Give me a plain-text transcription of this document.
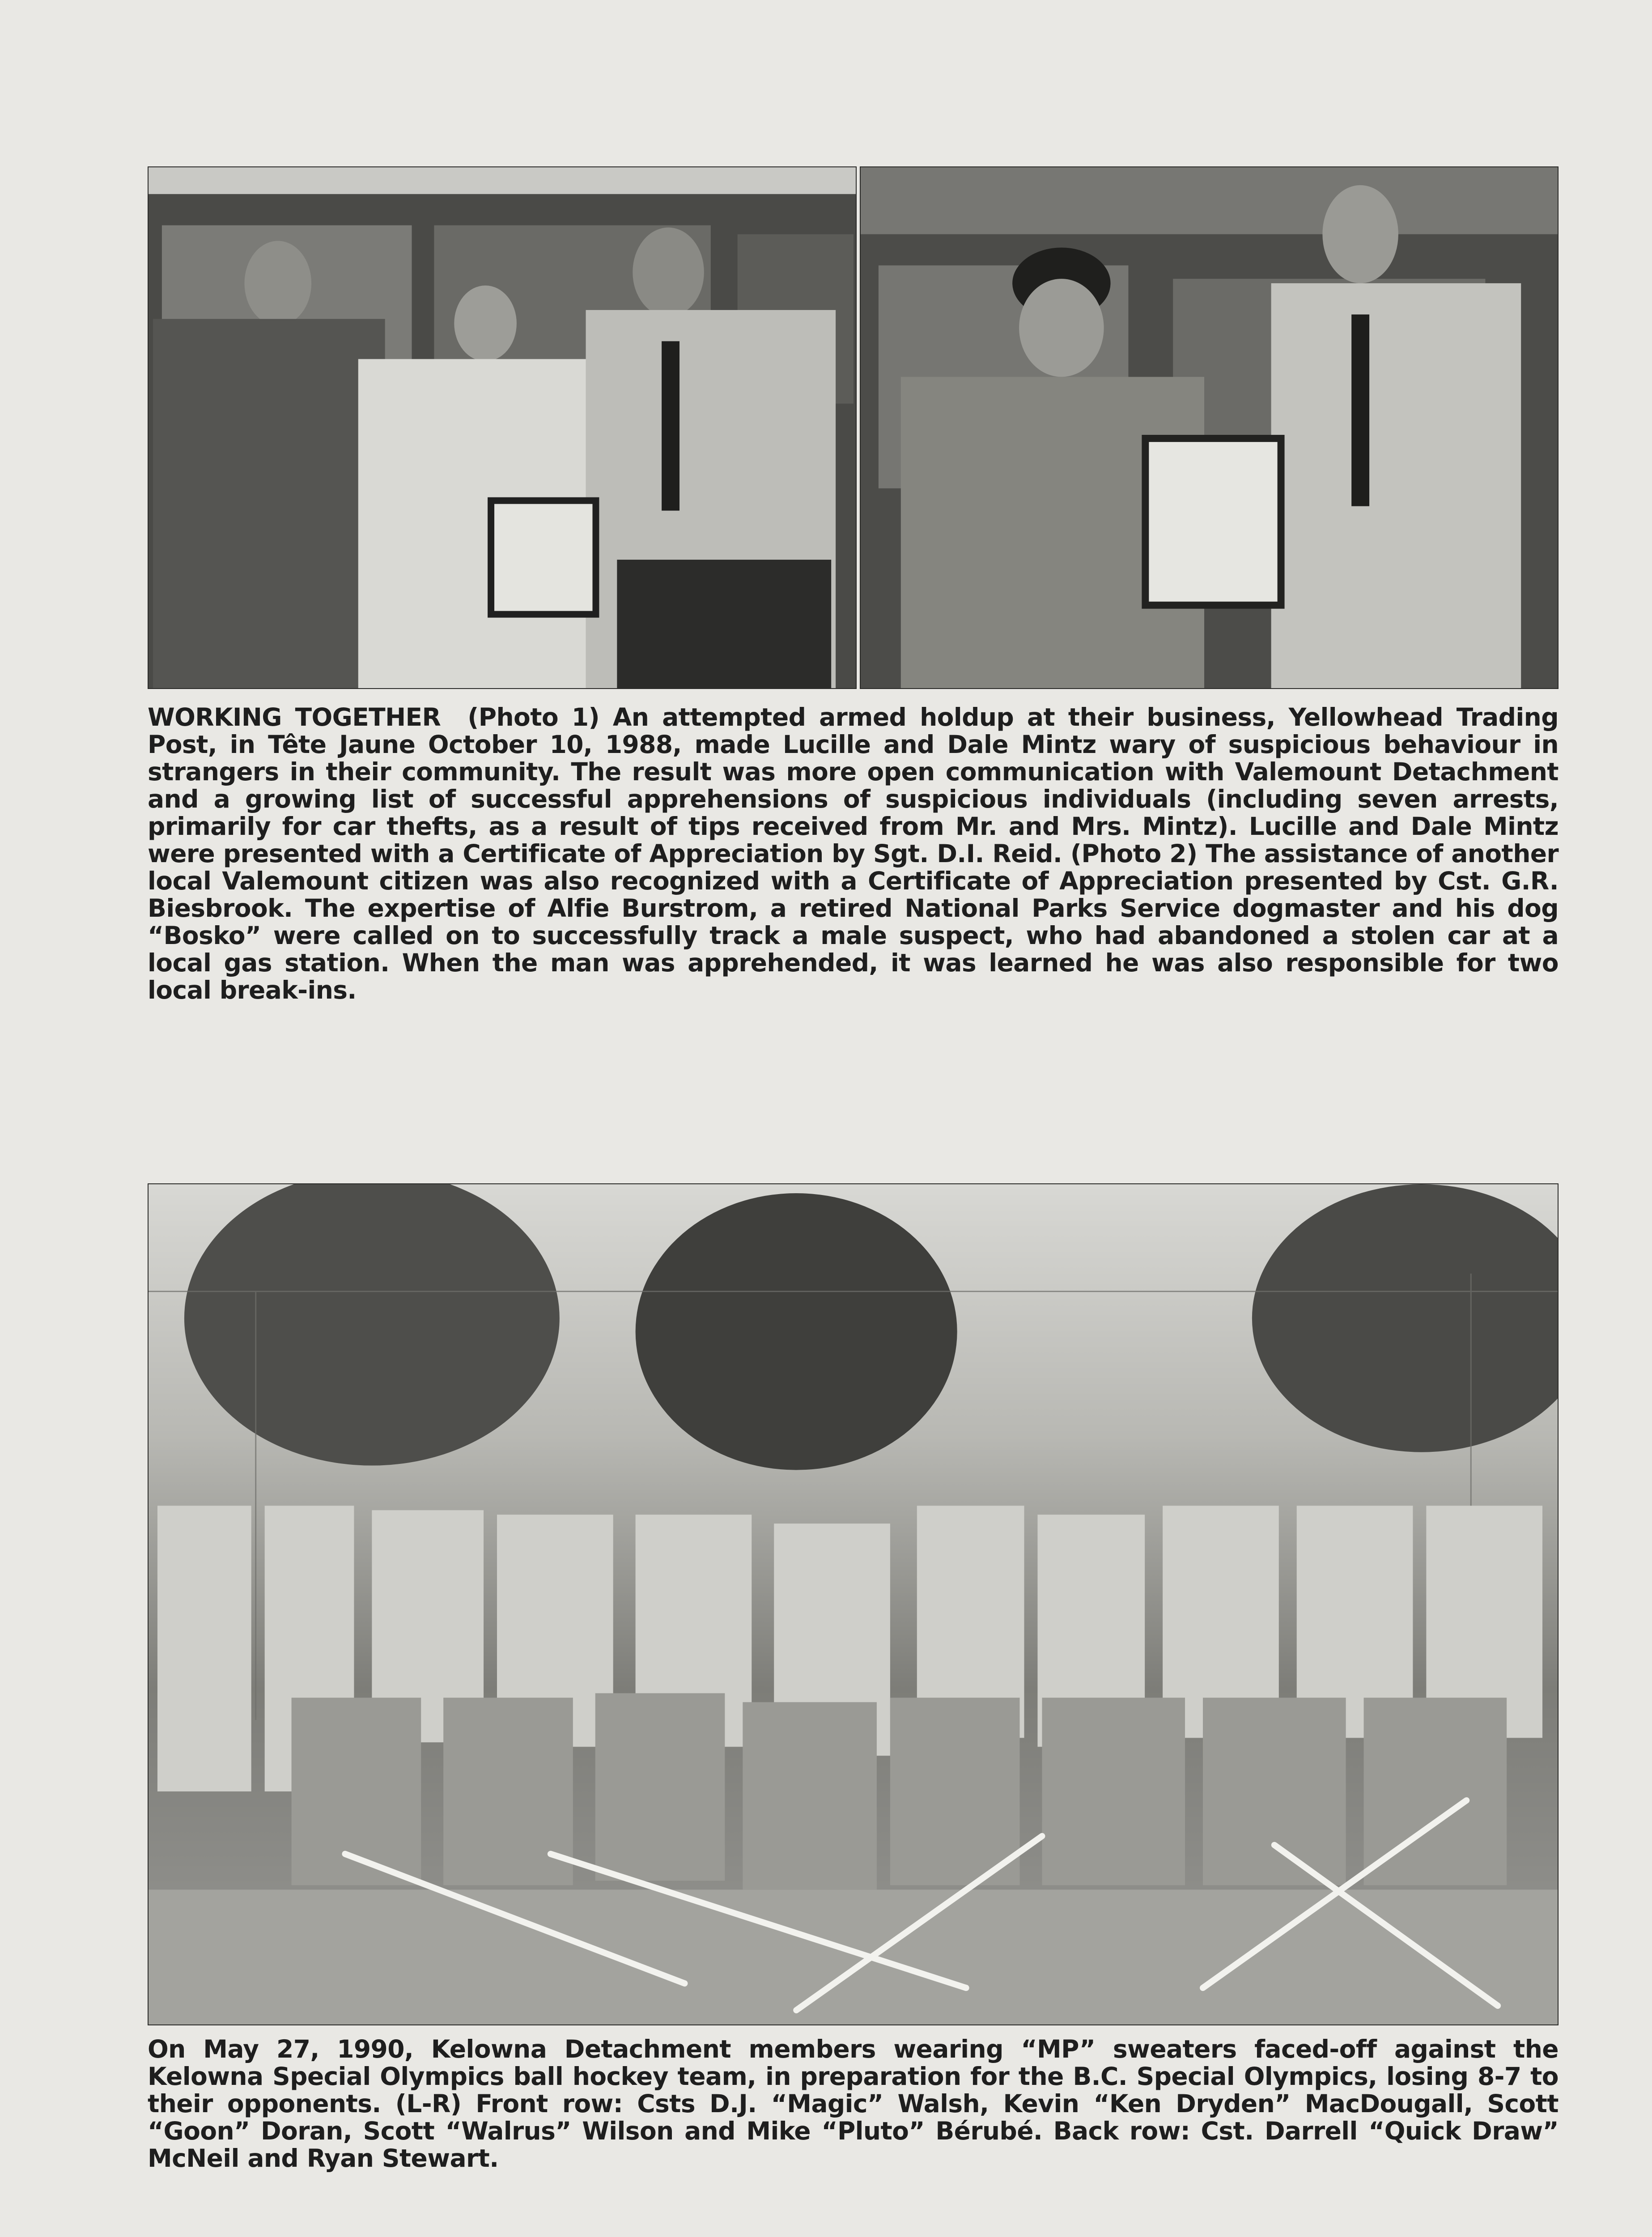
WORKING TOGETHER (Photo 1) An attempted armed holdup at their business, Yellowhead Trading Post, in Tête Jaune October 10, 1988, made Lucille and Dale Mintz wary of suspicious behaviour in strangers in their community. The result was more open communication with Valemount Detachment and a growing list of successful apprehensions of suspicious individuals (including seven arrests, primarily for car thefts, as a result of tips received from Mr. and Mrs. Mintz). Lucille and Dale Mintz were presented with a Certificate of Appreciation by Sgt. D.I. Reid. (Photo 2) The assistance of another local Valemount citizen was also recognized with a Certificate of Appreciation presented by Cst. G.R. Biesbrook. The expertise of Alfie Burstrom, a retired National Parks Service dogmaster and his dog “Bosko” were called on to successfully track a male suspect, who had abandoned a stolen car at a local gas station. When the man was apprehended, it was learned he was also responsible for two local break-ins.
On May 27, 1990, Kelowna Detachment members wearing “MP” sweaters faced-off against the Kelowna Special Olympics ball hockey team, in preparation for the B.C. Special Olympics, losing 8-7 to their opponents. (L-R) Front row: Csts D.J. “Magic” Walsh, Kevin “Ken Dryden” MacDougall, Scott “Goon” Doran, Scott “Walrus” Wilson and Mike “Pluto” Bérubé. Back row: Cst. Darrell “Quick Draw” McNeil and Ryan Stewart.
